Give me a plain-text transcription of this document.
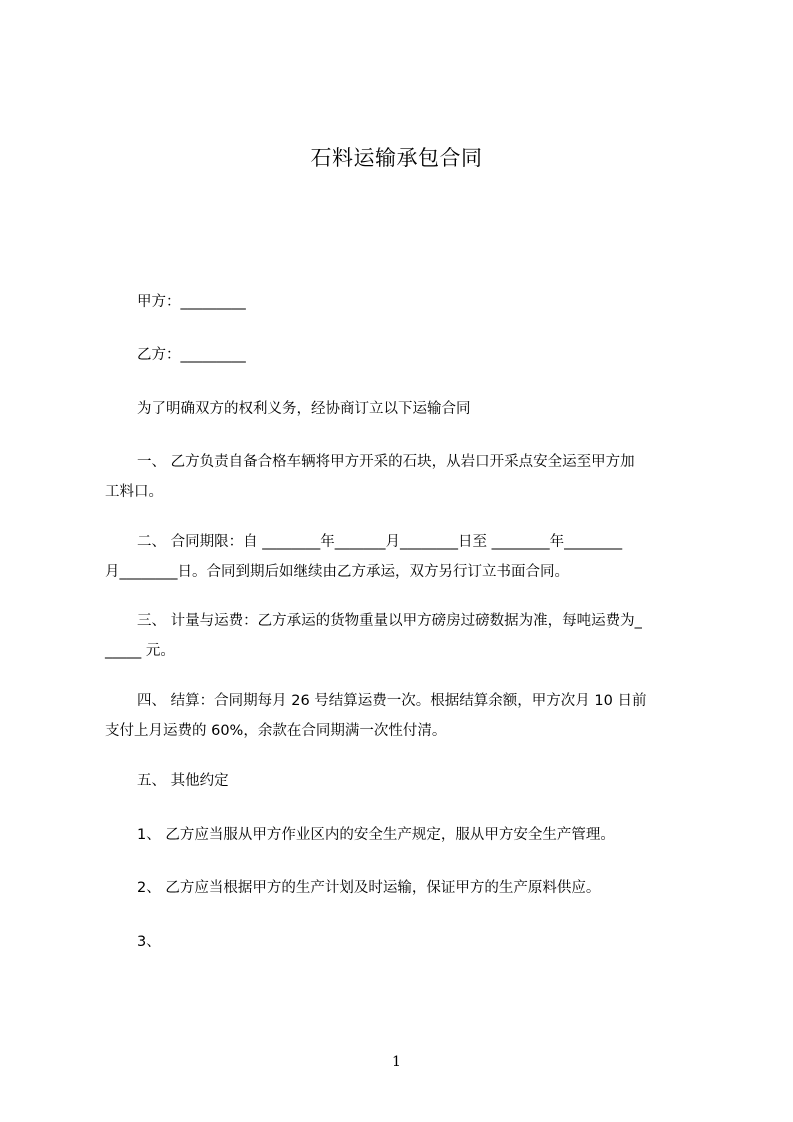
石料运输承包合同
甲方：_________
乙方：_________
为了明确双方的权利义务，经协商订立以下运输合同
一、 乙方负责自备合格车辆将甲方开采的石块，从岩口开采点安全运至甲方加
工料口。
二、 合同期限：自 ________年_______月________日至 ________年________
月________日。合同到期后如继续由乙方承运，双方另行订立书面合同。
三、 计量与运费：乙方承运的货物重量以甲方磅房过磅数据为准，每吨运费为_
_____ 元。
四、 结算：合同期每月 26 号结算运费一次。根据结算余额，甲方次月 10 日前
支付上月运费的 60%，余款在合同期满一次性付清。
五、 其他约定
1、 乙方应当服从甲方作业区内的安全生产规定，服从甲方安全生产管理。
2、 乙方应当根据甲方的生产计划及时运输，保证甲方的生产原料供应。
3、
1
